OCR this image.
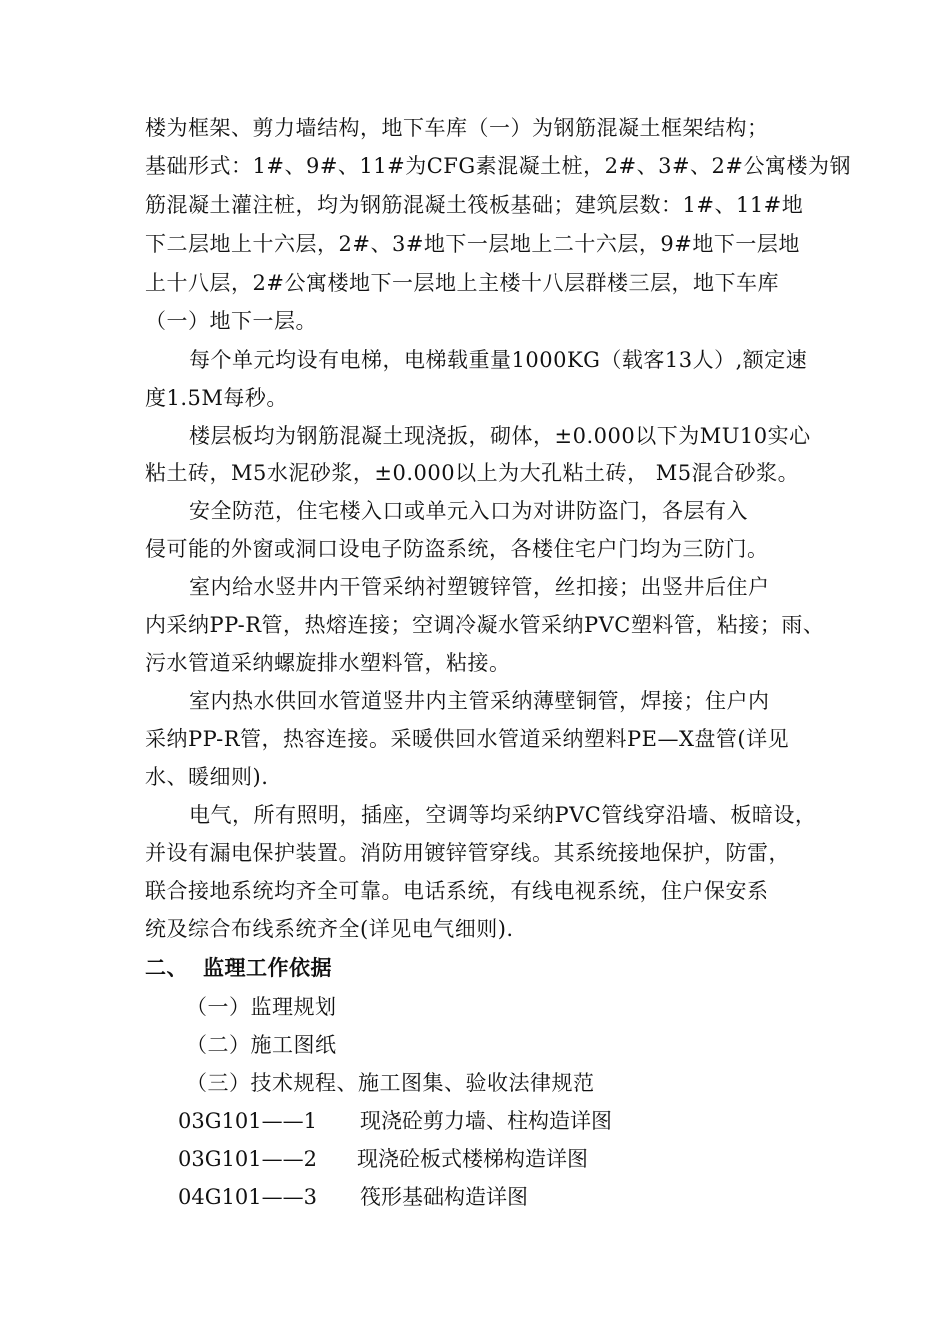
楼为框架、剪力墙结构，地下车库（一）为钢筋混凝土框架结构；
基础形式：1#、9#、11#为CFG素混凝土桩，2#、3#、2#公寓楼为钢
筋混凝土灌注桩，均为钢筋混凝土筏板基础；建筑层数：1#、11#地
下二层地上十六层，2#、3#地下一层地上二十六层，9#地下一层地
上十八层，2#公寓楼地下一层地上主楼十八层群楼三层，地下车库
（一）地下一层。
每个单元均设有电梯，电梯载重量1000KG（载客13人）,额定速
度1.5M每秒。
楼层板均为钢筋混凝土现浇扳，砌体，±0.000以下为MU10实心
粘土砖，M5水泥砂浆，±0.000以上为大孔粘土砖， M5混合砂浆。
安全防范，住宅楼入口或单元入口为对讲防盗门，各层有入
侵可能的外窗或洞口设电子防盗系统，各楼住宅户门均为三防门。
室内给水竖井内干管采纳衬塑镀锌管，丝扣接；出竖井后住户
内采纳PP-R管，热熔连接；空调冷凝水管采纳PVC塑料管，粘接；雨、
污水管道采纳螺旋排水塑料管，粘接。
室内热水供回水管道竖井内主管采纳薄壁铜管，焊接；住户内
采纳PP-R管，热容连接。采暖供回水管道采纳塑料PE—X盘管(详见
水、暖细则).
电气，所有照明，插座，空调等均采纳PVC管线穿沿墙、板暗设，
并设有漏电保护装置。消防用镀锌管穿线。其系统接地保护，防雷，
联合接地系统均齐全可靠。电话系统，有线电视系统，住户保安系
统及综合布线系统齐全(详见电气细则).
二、 监理工作依据
（一）监理规划
（二）施工图纸
（三）技术规程、施工图集、验收法律规范
03G101——1 现浇砼剪力墙、柱构造详图
03G101——2 现浇砼板式楼梯构造详图
04G101——3 筏形基础构造详图
